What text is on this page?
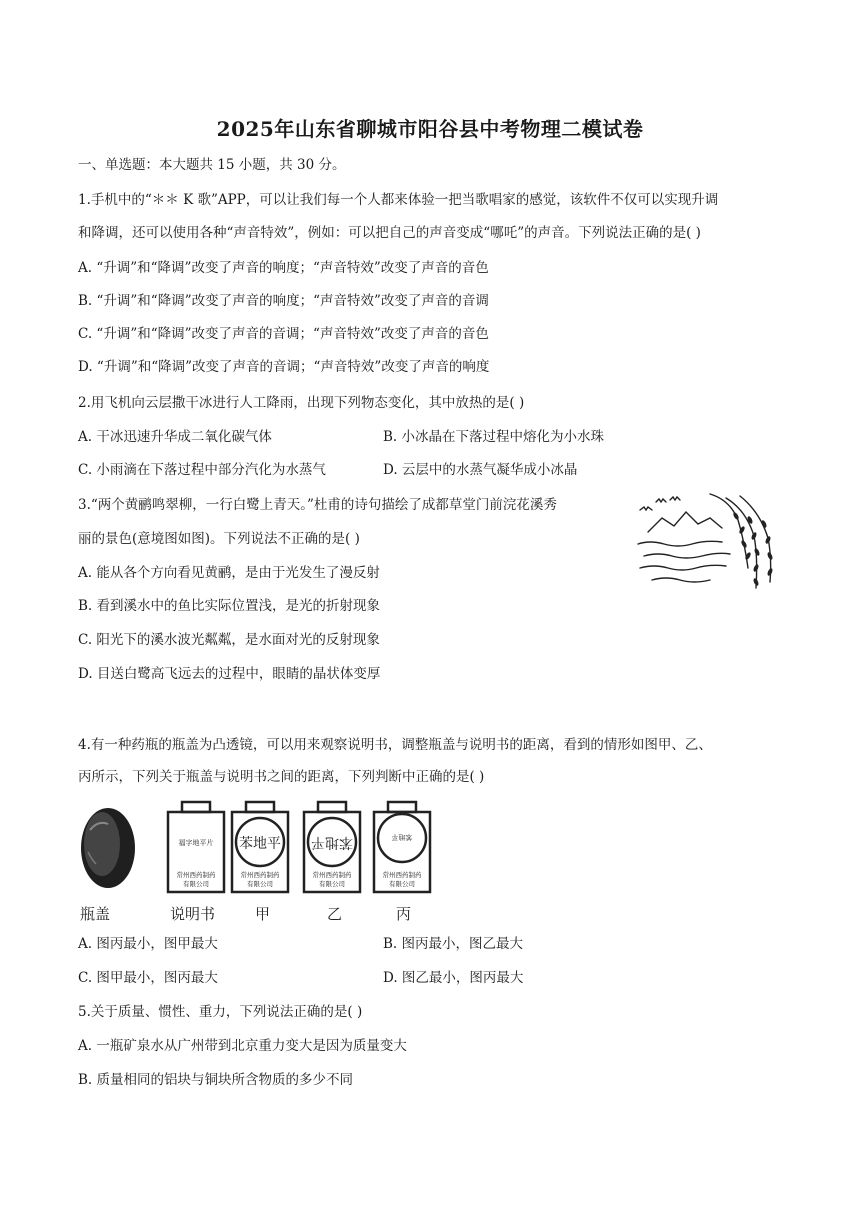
2025年山东省聊城市阳谷县中考物理二模试卷
一、单选题：本大题共 15 小题，共 30 分。
1.手机中的“＊＊ K 歌”APP，可以让我们每一个人都来体验一把当歌唱家的感觉，该软件不仅可以实现升调
和降调，还可以使用各种“声音特效”，例如：可以把自己的声音变成“哪吒”的声音。下列说法正确的是( )
A. “升调”和“降调”改变了声音的响度；“声音特效”改变了声音的音色
B. “升调”和“降调”改变了声音的响度；“声音特效”改变了声音的音调
C. “升调”和“降调”改变了声音的音调；“声音特效”改变了声音的音色
D. “升调”和“降调”改变了声音的音调；“声音特效”改变了声音的响度
2.用飞机向云层撒干冰进行人工降雨，出现下列物态变化，其中放热的是( )
A. 干冰迅速升华成二氧化碳气体	B. 小冰晶在下落过程中熔化为小水珠
C. 小雨滴在下落过程中部分汽化为水蒸气	D. 云层中的水蒸气凝华成小冰晶
3.“两个黄鹂鸣翠柳，一行白鹭上青天。”杜甫的诗句描绘了成都草堂门前浣花溪秀
丽的景色(意境图如图)。下列说法不正确的是( )
A. 能从各个方向看见黄鹂，是由于光发生了漫反射
B. 看到溪水中的鱼比实际位置浅，是光的折射现象
C. 阳光下的溪水波光粼粼，是水面对光的反射现象
D. 目送白鹭高飞远去的过程中，眼睛的晶状体变厚
4.有一种药瓶的瓶盖为凸透镜，可以用来观察说明书，调整瓶盖与说明书的距离，看到的情形如图甲、乙、
丙所示，下列关于瓶盖与说明书之间的距离，下列判断中正确的是( )
福字地平片
常州西药制药
有限公司
苯地平
常州西药制药
有限公司
苯地平
常州西药制药
有限公司
苯地平
常州西药制药
有限公司
瓶盖	说明书	甲	乙	丙
A. 图丙最小，图甲最大	B. 图丙最小，图乙最大
C. 图甲最小，图丙最大	D. 图乙最小，图丙最大
5.关于质量、惯性、重力，下列说法正确的是( )
A. 一瓶矿泉水从广州带到北京重力变大是因为质量变大
B. 质量相同的铝块与铜块所含物质的多少不同
